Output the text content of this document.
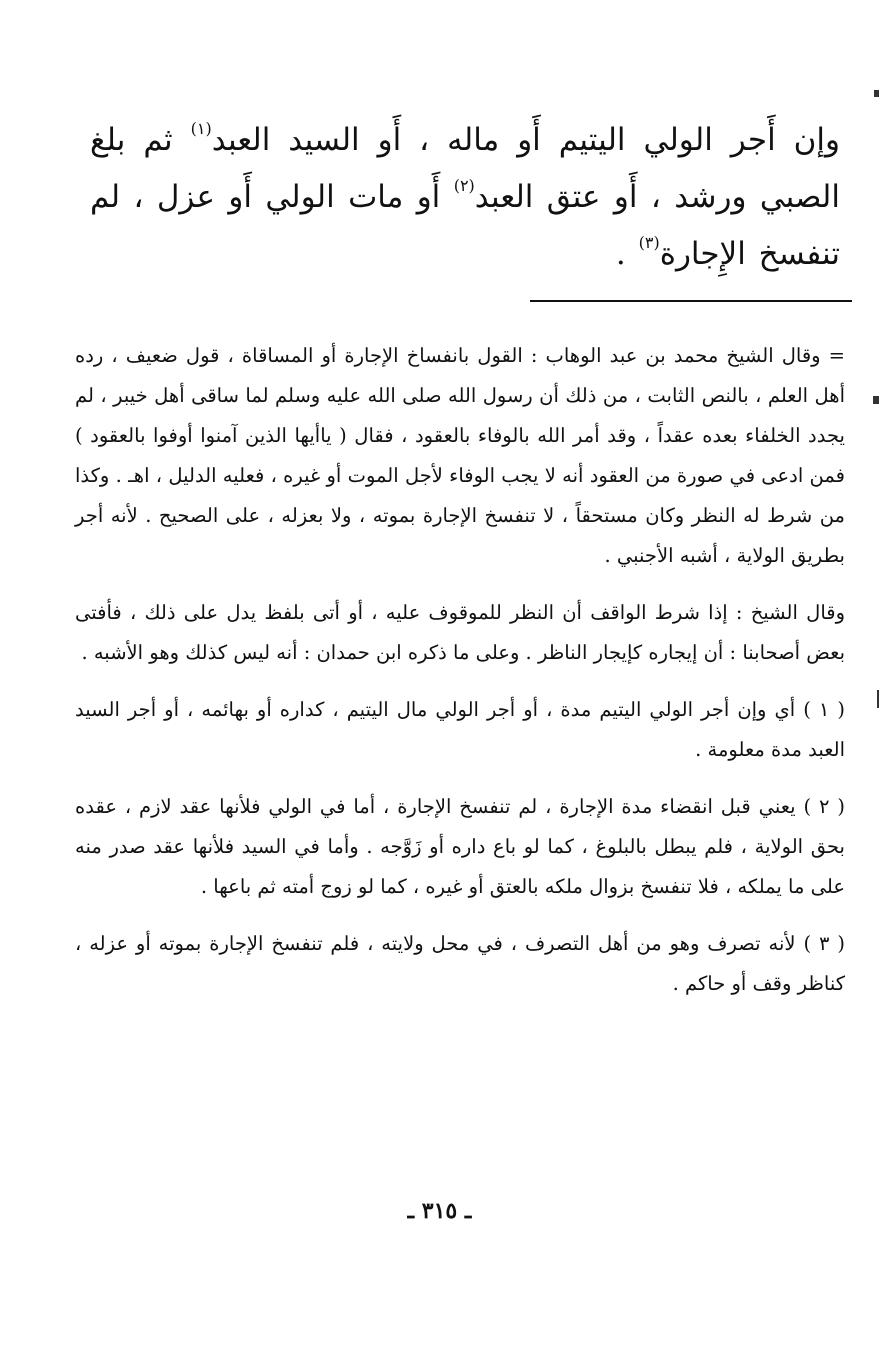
وإن أَجر الولي اليتيم أَو ماله ، أَو السيد العبد$^{(١)}$ ثم بلغ الصبي ورشد ، أَو عتق العبد$^{(٢)}$ أَو مات الولي أَو عزل ، لم تنفسخ الإِجارة$^{(٣)}$ .

= وقال الشيخ محمد بن عبد الوهاب : القول بانفساخ الإجارة أو المساقاة ، قول ضعيف ، رده أهل العلم ، بالنص الثابت ، من ذلك أن رسول الله صلى الله عليه وسلم لما ساقى أهل خيبر ، لم يجدد الخلفاء بعده عقداً ، وقد أمر الله بالوفاء بالعقود ، فقال ( ياأيها الذين آمنوا أوفوا بالعقود ) فمن ادعى في صورة من العقود أنه لا يجب الوفاء لأجل الموت أو غيره ، فعليه الدليل ، اهـ . وكذا من شرط له النظر وكان مستحقاً ، لا تنفسخ الإجارة بموته ، ولا بعزله ، على الصحيح . لأنه أجر بطريق الولاية ، أشبه الأجنبي .

وقال الشيخ : إذا شرط الواقف أن النظر للموقوف عليه ، أو أتى بلفظ يدل على ذلك ، فأفتى بعض أصحابنا : أن إيجاره كإيجار الناظر . وعلى ما ذكره ابن حمدان : أنه ليس كذلك وهو الأشبه .

( ١ ) أي وإن أجر الولي اليتيم مدة ، أو أجر الولي مال اليتيم ، كداره أو بهائمه ، أو أجر السيد العبد مدة معلومة .

( ٢ ) يعني قبل انقضاء مدة الإجارة ، لم تنفسخ الإجارة ، أما في الولي فلأنها عقد لازم ، عقده بحق الولاية ، فلم يبطل بالبلوغ ، كما لو باع داره أو زَوَّجه . وأما في السيد فلأنها عقد صدر منه على ما يملكه ، فلا تنفسخ بزوال ملكه بالعتق أو غيره ، كما لو زوج أمته ثم باعها .

( ٣ ) لأنه تصرف وهو من أهل التصرف ، في محل ولايته ، فلم تنفسخ الإجارة بموته أو عزله ، كناظر وقف أو حاكم .

ـ ٣١٥ ـ
